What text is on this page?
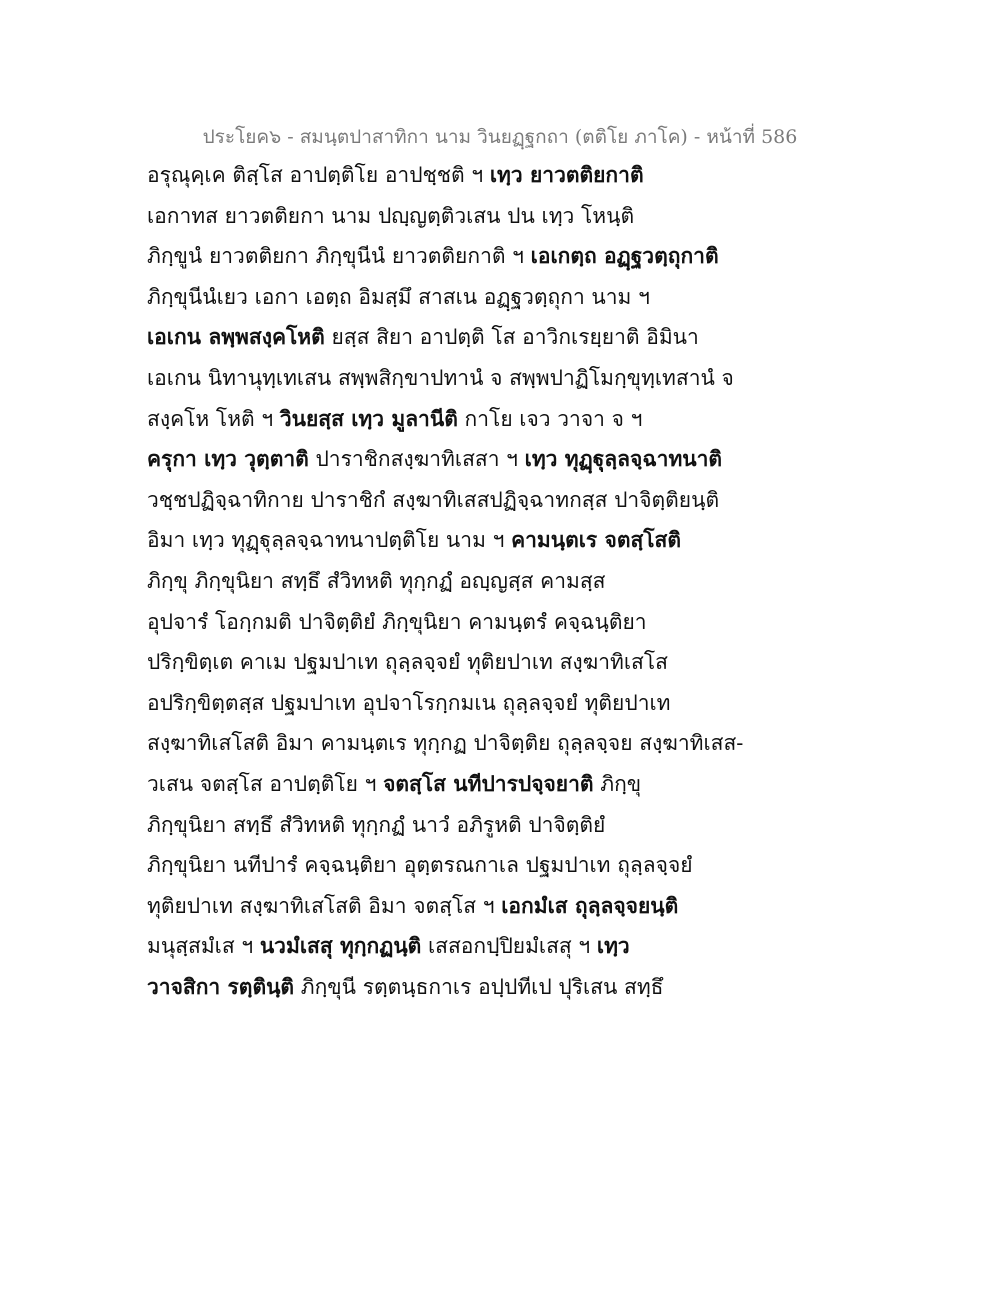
ประโยค๖ - สมนฺตปาสาทิกา นาม วินยฏฺฐกถา (ตติโย ภาโค) - หน้าที่ 586
อรุณุคฺเค ติสฺโส อาปตฺติโย อาปชฺชติ ฯ เทฺว ยาวตติยกาติ
เอกาทส ยาวตติยกา นาม ปญฺญตฺติวเสน ปน เทฺว โหนฺติ
ภิกฺขูนํ ยาวตติยกา ภิกฺขุนีนํ ยาวตติยกาติ ฯ เอเกตฺถ อฏฺฐวตฺถุกาติ
ภิกฺขุนีนํเยว เอกา เอตฺถ อิมสฺมึ สาสเน อฏฺฐวตฺถุกา นาม ฯ
เอเกน ลพฺพสงฺคโหติ ยสฺส สิยา อาปตฺติ โส อาวิกเรยฺยาติ อิมินา
เอเกน นิทานุทฺเทเสน สพฺพสิกฺขาปทานํ จ สพฺพปาฏิโมกฺขุทฺเทสานํ จ
สงฺคโห โหติ ฯ วินยสฺส เทฺว มูลานีติ กาโย เจว วาจา จ ฯ
ครุกา เทฺว วุตฺตาติ ปาราชิกสงฺฆาทิเสสา ฯ เทฺว ทุฏฺฐุลฺลจฺฉาทนาติ
วชฺชปฏิจฺฉาทิกาย ปาราชิกํ สงฺฆาทิเสสปฏิจฺฉาทกสฺส ปาจิตฺติยนฺติ
อิมา เทฺว ทุฏฺฐุลฺลจฺฉาทนาปตฺติโย นาม ฯ คามนฺตเร จตสฺโสติ
ภิกฺขุ ภิกฺขุนิยา สทฺธึ สํวิทหติ ทุกฺกฏํ อญฺญสฺส คามสฺส
อุปจารํ โอกฺกมติ ปาจิตฺติยํ ภิกฺขุนิยา คามนฺตรํ คจฺฉนฺติยา
ปริกฺขิตฺเต คาเม ปฐมปาเท ถุลฺลจฺจยํ ทุติยปาเท สงฺฆาทิเสโส
อปริกฺขิตฺตสฺส ปฐมปาเท อุปจาโรกฺกมเน ถุลฺลจฺจยํ ทุติยปาเท
สงฺฆาทิเสโสติ อิมา คามนฺตเร ทุกฺกฏ ปาจิตฺติย ถุลฺลจฺจย สงฺฆาทิเสส-
วเสน จตสฺโส อาปตฺติโย ฯ จตสฺโส นทีปารปจฺจยาติ ภิกฺขุ
ภิกฺขุนิยา สทฺธึ สํวิทหติ ทุกฺกฏํ นาวํ อภิรูหติ ปาจิตฺติยํ
ภิกฺขุนิยา นทีปารํ คจฺฉนฺติยา อุตฺตรณกาเล ปฐมปาเท ถุลฺลจฺจยํ
ทุติยปาเท สงฺฆาทิเสโสติ อิมา จตสฺโส ฯ เอกมํเส ถุลฺลจฺจยนฺติ
มนุสฺสมํเส ฯ นวมํเสสุ ทุกฺกฏนฺติ เสสอกปฺปิยมํเสสุ ฯ เทฺว
วาจสิกา รตฺตินฺติ ภิกฺขุนี รตฺตนฺธกาเร อปฺปทีเป ปุริเสน สทฺธึ
